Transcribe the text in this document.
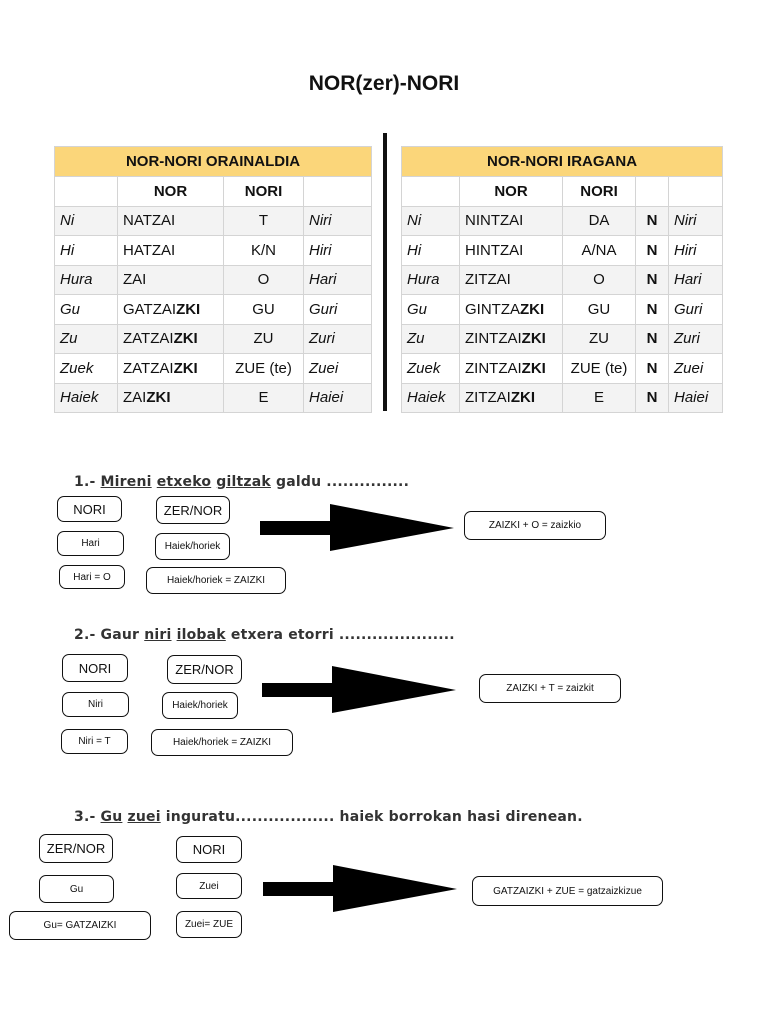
NOR(zer)-NORI
NOR-NORI ORAINALDIA			
	NOR	NORI	
Ni	NATZAI	T	Niri
Hi	HATZAI	K/N	Hiri
Hura	ZAI	O	Hari
Gu	GATZAIZKI	GU	Guri
Zu	ZATZAIZKI	ZU	Zuri
Zuek	ZATZAIZKI	ZUE (te)	Zuei
Haiek	ZAIZKI	E	Haiei
NOR-NORI IRAGANA				
	NOR	NORI		
Ni	NINTZAI	DA	N	Niri
Hi	HINTZAI	A/NA	N	Hiri
Hura	ZITZAI	O	N	Hari
Gu	GINTZAZKI	GU	N	Guri
Zu	ZINTZAIZKI	ZU	N	Zuri
Zuek	ZINTZAIZKI	ZUE (te)	N	Zuei
Haiek	ZITZAIZKI	E	N	Haiei
1.- Mireni etxeko giltzak galdu ...............
NORI	ZER/NOR
Hari	Haiek/horiek
Hari = O	Haiek/horiek = ZAIZKI
ZAIZKI + O = zaizkio
2.- Gaur niri ilobak etxera etorri .....................
NORI	ZER/NOR
Niri	Haiek/horiek
Niri = T	Haiek/horiek = ZAIZKI
ZAIZKI + T = zaizkit
3.- Gu zuei inguratu.................. haiek borrokan hasi direnean.
ZER/NOR	NORI
Gu	Zuei
Gu= GATZAIZKI	Zuei= ZUE
GATZAIZKI + ZUE = gatzaizkizue
